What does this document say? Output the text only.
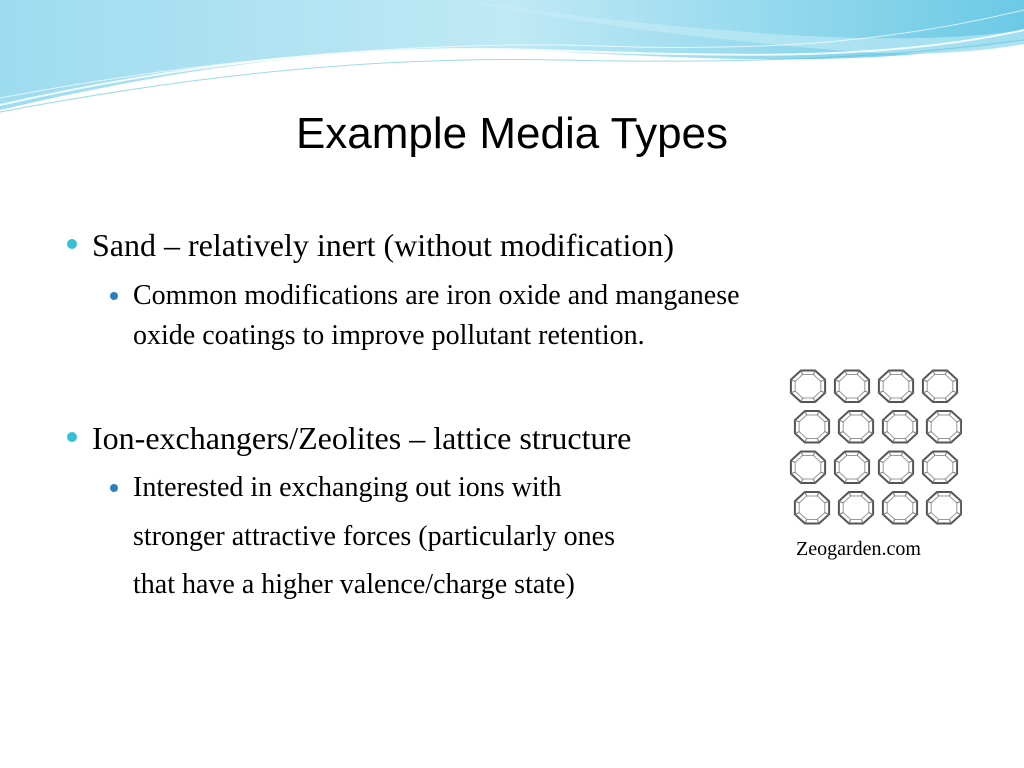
Example Media Types
Sand – relatively inert (without modification)
Common modifications are iron oxide and manganese
oxide coatings to improve pollutant retention.
Ion-exchangers/Zeolites – lattice structure
Interested in exchanging out ions with
stronger attractive forces (particularly ones
that have a higher valence/charge state)
Zeogarden.com
